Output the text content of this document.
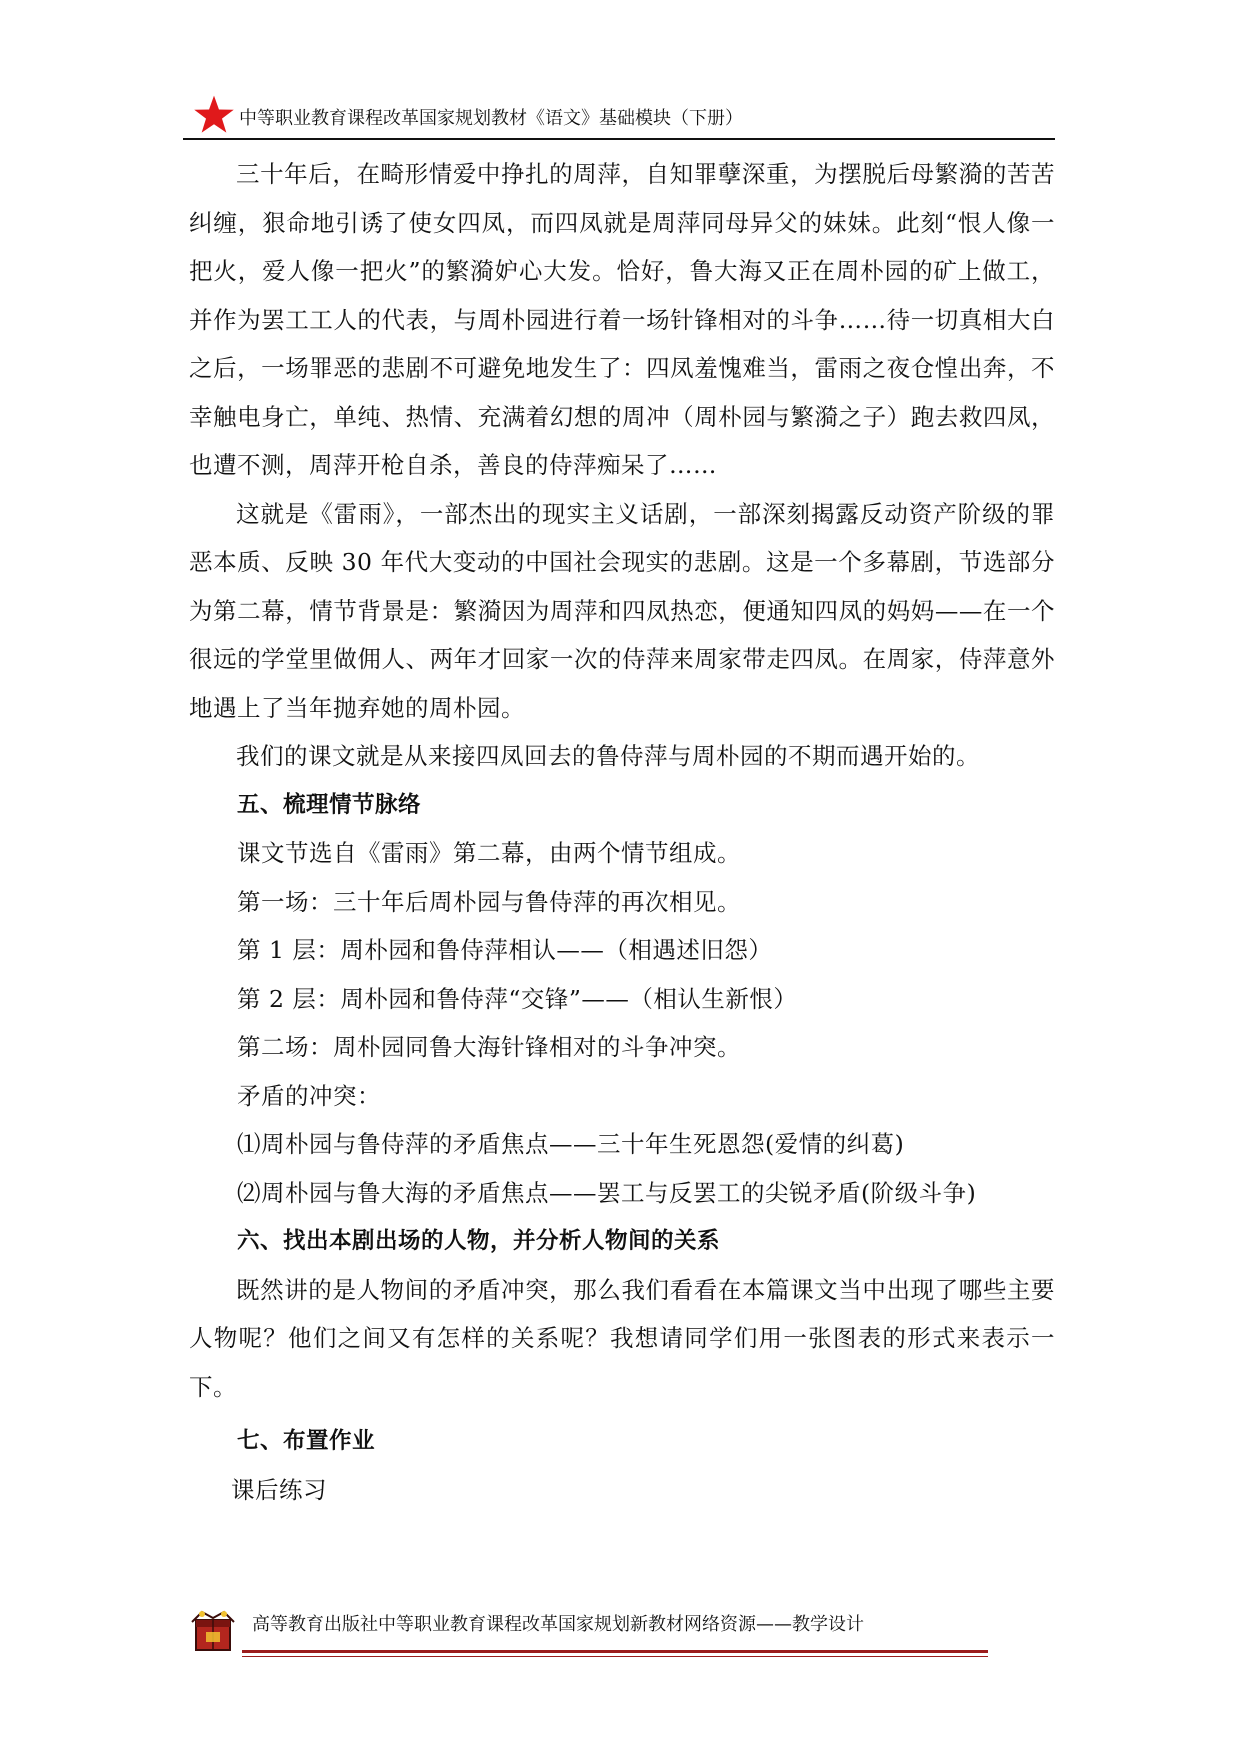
中等职业教育课程改革国家规划教材《语文》基础模块（下册）

三十年后，在畸形情爱中挣扎的周萍，自知罪孽深重，为摆脱后母繁漪的苦苦纠缠，狠命地引诱了使女四凤，而四凤就是周萍同母异父的妹妹。此刻“恨人像一把火，爱人像一把火”的繁漪妒心大发。恰好，鲁大海又正在周朴园的矿上做工，并作为罢工工人的代表，与周朴园进行着一场针锋相对的斗争……待一切真相大白之后，一场罪恶的悲剧不可避免地发生了：四凤羞愧难当，雷雨之夜仓惶出奔，不幸触电身亡，单纯、热情、充满着幻想的周冲（周朴园与繁漪之子）跑去救四凤，也遭不测，周萍开枪自杀，善良的侍萍痴呆了……

这就是《雷雨》，一部杰出的现实主义话剧，一部深刻揭露反动资产阶级的罪恶本质、反映 30 年代大变动的中国社会现实的悲剧。这是一个多幕剧，节选部分为第二幕，情节背景是：繁漪因为周萍和四凤热恋，便通知四凤的妈妈——在一个很远的学堂里做佣人、两年才回家一次的侍萍来周家带走四凤。在周家，侍萍意外地遇上了当年抛弃她的周朴园。

我们的课文就是从来接四凤回去的鲁侍萍与周朴园的不期而遇开始的。

五、梳理情节脉络

课文节选自《雷雨》第二幕，由两个情节组成。

第一场：三十年后周朴园与鲁侍萍的再次相见。

第 1 层：周朴园和鲁侍萍相认——（相遇述旧怨）

第 2 层：周朴园和鲁侍萍“交锋”——（相认生新恨）

第二场：周朴园同鲁大海针锋相对的斗争冲突。

矛盾的冲突：

⑴周朴园与鲁侍萍的矛盾焦点——三十年生死恩怨(爱情的纠葛)

⑵周朴园与鲁大海的矛盾焦点——罢工与反罢工的尖锐矛盾(阶级斗争)

六、找出本剧出场的人物，并分析人物间的关系

既然讲的是人物间的矛盾冲突，那么我们看看在本篇课文当中出现了哪些主要人物呢？他们之间又有怎样的关系呢？我想请同学们用一张图表的形式来表示一下。

七、布置作业

课后练习

高等教育出版社中等职业教育课程改革国家规划新教材网络资源——教学设计
